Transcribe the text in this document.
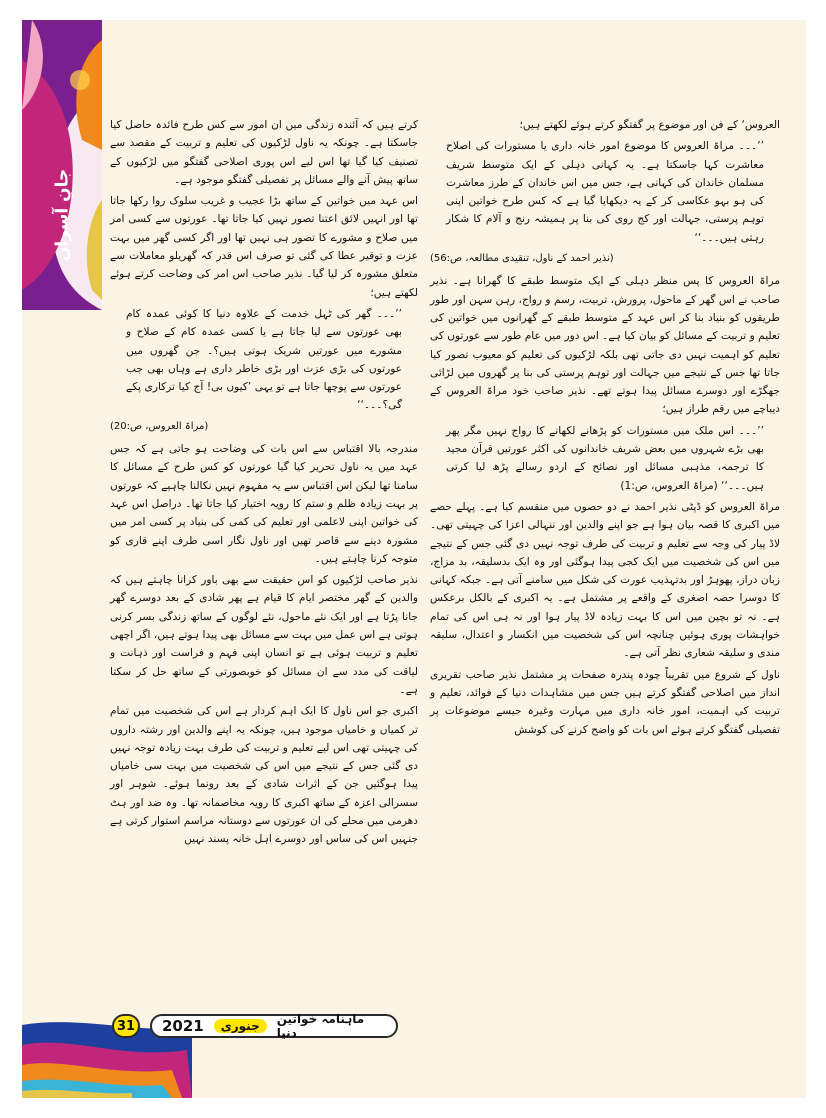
جانِ آسراں

العروس‘ کے فن اور موضوع پر گفتگو کرتے ہوئے لکھتے ہیں؛

’’۔۔۔ مراۃ العروس کا موضوع امور خانہ داری یا مستورات کی اصلاح معاشرت کہا جاسکتا ہے۔ یہ کہانی دہلی کے ایک متوسط شریف مسلمان خاندان کی کہانی ہے، جس میں اس خاندان کے طرز معاشرت کی ہو بہو عکاسی کر کے یہ دیکھایا گیا ہے کہ کس طرح خواتین اپنی توہم پرستی، جہالت اور کج روی کی بنا پر ہمیشہ رنج و آلام کا شکار رہتی ہیں۔۔۔‘‘

(نذیر احمد کے ناول، تنقیدی مطالعہ، ص:56)

مراۃ العروس کا پس منظر دہلی کے ایک متوسط طبقے کا گھرانا ہے۔ نذیر صاحب نے اس گھر کے ماحول، پرورش، تربیت، رسم و رواج، رہن سہن اور طور طریقوں کو بنیاد بنا کر اس عہد کے متوسط طبقے کے گھرانوں میں خواتین کی تعلیم و تربیت کے مسائل کو بیان کیا ہے۔ اس دور میں عام طور سے عورتوں کی تعلیم کو اہمیت نہیں دی جاتی تھی بلکہ لڑکیوں کی تعلیم کو معیوب تصور کیا جاتا تھا جس کے نتیجے میں جہالت اور توہم پرستی کی بنا پر گھروں میں لڑائی جھگڑے اور دوسرے مسائل پیدا ہوتے تھے۔ نذیر صاحب خود مراۃ العروس کے دیباچے میں رقم طراز ہیں؛

’’۔۔۔ اس ملک میں مستورات کو پڑھانے لکھانے کا رواج نہیں مگر پھر بھی بڑے شہروں میں بعض شریف خاندانوں کی اکثر عورتیں قرآن مجید کا ترجمہ، مذہبی مسائل اور نصائح کے اردو رسالے پڑھ لیا کرتی ہیں۔۔۔‘‘ (مراۃ العروس، ص:1)

مراۃ العروس کو ڈپٹی نذیر احمد نے دو حصوں میں منقسم کیا ہے۔ پہلے حصے میں اکبری کا قصہ بیان ہوا ہے جو اپنے والدین اور ننہالی اعزا کی چہیتی تھی۔ لاڈ پیار کی وجہ سے تعلیم و تربیت کی طرف توجہ نہیں دی گئی جس کے نتیجے میں اس کی شخصیت میں ایک کجی پیدا ہوگئی اور وہ ایک بدسلیقہ، بد مزاج، زبان دراز، پھوہڑ اور بدتہذیب عورت کی شکل میں سامنے آتی ہے۔ جبکہ کہانی کا دوسرا حصہ اصغری کے واقعے پر مشتمل ہے۔ یہ اکبری کے بالکل برعکس ہے۔ نہ تو بچپن میں اس کا بہت زیادہ لاڈ پیار ہوا اور نہ ہی اس کی تمام خواہشات پوری ہوئیں چنانچہ اس کی شخصیت میں انکسار و اعتدال، سلیقہ مندی و سلیقہ شعاری نظر آتی ہے۔

ناول کے شروع میں تقریباً چودہ پندرہ صفحات پر مشتمل نذیر صاحب تقریری انداز میں اصلاحی گفتگو کرتے ہیں جس میں مشاہدات دنیا کے فوائد، تعلیم و تربیت کی اہمیت، امور خانہ داری میں مہارت وغیرہ جیسے موضوعات پر تفصیلی گفتگو کرتے ہوئے اس بات کو واضح کرنے کی کوشش

کرتے ہیں کہ آئندہ زندگی میں ان امور سے کس طرح فائدہ حاصل کیا جاسکتا ہے۔ چونکہ یہ ناول لڑکیوں کی تعلیم و تربیت کے مقصد سے تصنیف کیا گیا تھا اس لیے اس پوری اصلاحی گفتگو میں لڑکیوں کے ساتھ پیش آنے والے مسائل پر تفصیلی گفتگو موجود ہے۔

اس عہد میں خواتین کے ساتھ بڑا عجیب و غریب سلوک روا رکھا جاتا تھا اور انہیں لائق اعتنا تصور نہیں کیا جاتا تھا۔ عورتوں سے کسی امر میں صلاح و مشورے کا تصور ہی نہیں تھا اور اگر کسی گھر میں بہت عزت و توقیر عطا کی گئی تو صرف اس قدر کہ گھریلو معاملات سے متعلق مشورہ کر لیا گیا۔ نذیر صاحب اس امر کی وضاحت کرتے ہوئے لکھتے ہیں؛

’’۔۔۔ گھر کی ٹہل خدمت کے علاوہ دنیا کا کوئی عمدہ کام بھی عورتوں سے لیا جاتا ہے یا کسی عمدہ کام کے صلاح و مشورے میں عورتیں شریک ہوتی ہیں؟۔ جن گھروں میں عورتوں کی بڑی عزت اور بڑی خاطر داری ہے وہاں بھی جب عورتوں سے پوچھا جاتا ہے تو یہی ’کیوں بی! آج کیا ترکاری پکے گی؟۔۔۔‘‘

(مراۃ العروس، ص:20)

مندرجہ بالا اقتباس سے اس بات کی وضاحت ہو جاتی ہے کہ جس عہد میں یہ ناول تحریر کیا گیا عورتوں کو کس طرح کے مسائل کا سامنا تھا لیکن اس اقتباس سے یہ مفہوم نہیں نکالنا چاہیے کہ عورتوں پر بہت زیادہ ظلم و ستم کا رویہ اختیار کیا جاتا تھا۔ دراصل اس عہد کی خواتین اپنی لاعلمی اور تعلیم کی کمی کی بنیاد پر کسی امر میں مشورہ دینے سے قاصر تھیں اور ناول نگار اسی طرف اپنے قاری کو متوجہ کرنا چاہتے ہیں۔

نذیر صاحب لڑکیوں کو اس حقیقت سے بھی باور کرانا چاہتے ہیں کہ والدین کے گھر مختصر ایام کا قیام ہے پھر شادی کے بعد دوسرے گھر جانا پڑتا ہے اور ایک نئے ماحول، نئے لوگوں کے ساتھ زندگی بسر کرنی ہوتی ہے اس عمل میں بہت سے مسائل بھی پیدا ہوتے ہیں، اگر اچھی تعلیم و تربیت ہوئی ہے تو انسان اپنی فہم و فراست اور ذہانت و لیاقت کی مدد سے ان مسائل کو خوبصورتی کے ساتھ حل کر سکتا ہے۔

اکبری جو اس ناول کا ایک اہم کردار ہے اس کی شخصیت میں تمام تر کمیاں و خامیاں موجود ہیں، چونکہ یہ اپنے والدین اور رشتہ داروں کی چہیتی تھی اس لیے تعلیم و تربیت کی طرف بہت زیادہ توجہ نہیں دی گئی جس کے نتیجے میں اس کی شخصیت میں بہت سی خامیاں پیدا ہوگئیں جن کے اثرات شادی کے بعد رونما ہوئے۔ شوہر اور سسرالی اعزہ کے ساتھ اکبری کا رویہ مخاصمانہ تھا۔ وہ ضد اور ہٹ دھرمی میں محلے کی ان عورتوں سے دوستانہ مراسم استوار کرتی ہے جنہیں اس کی ساس اور دوسرے اہل خانہ پسند نہیں

31 2021	جنوری	ماہنامہ خواتین دنیا
